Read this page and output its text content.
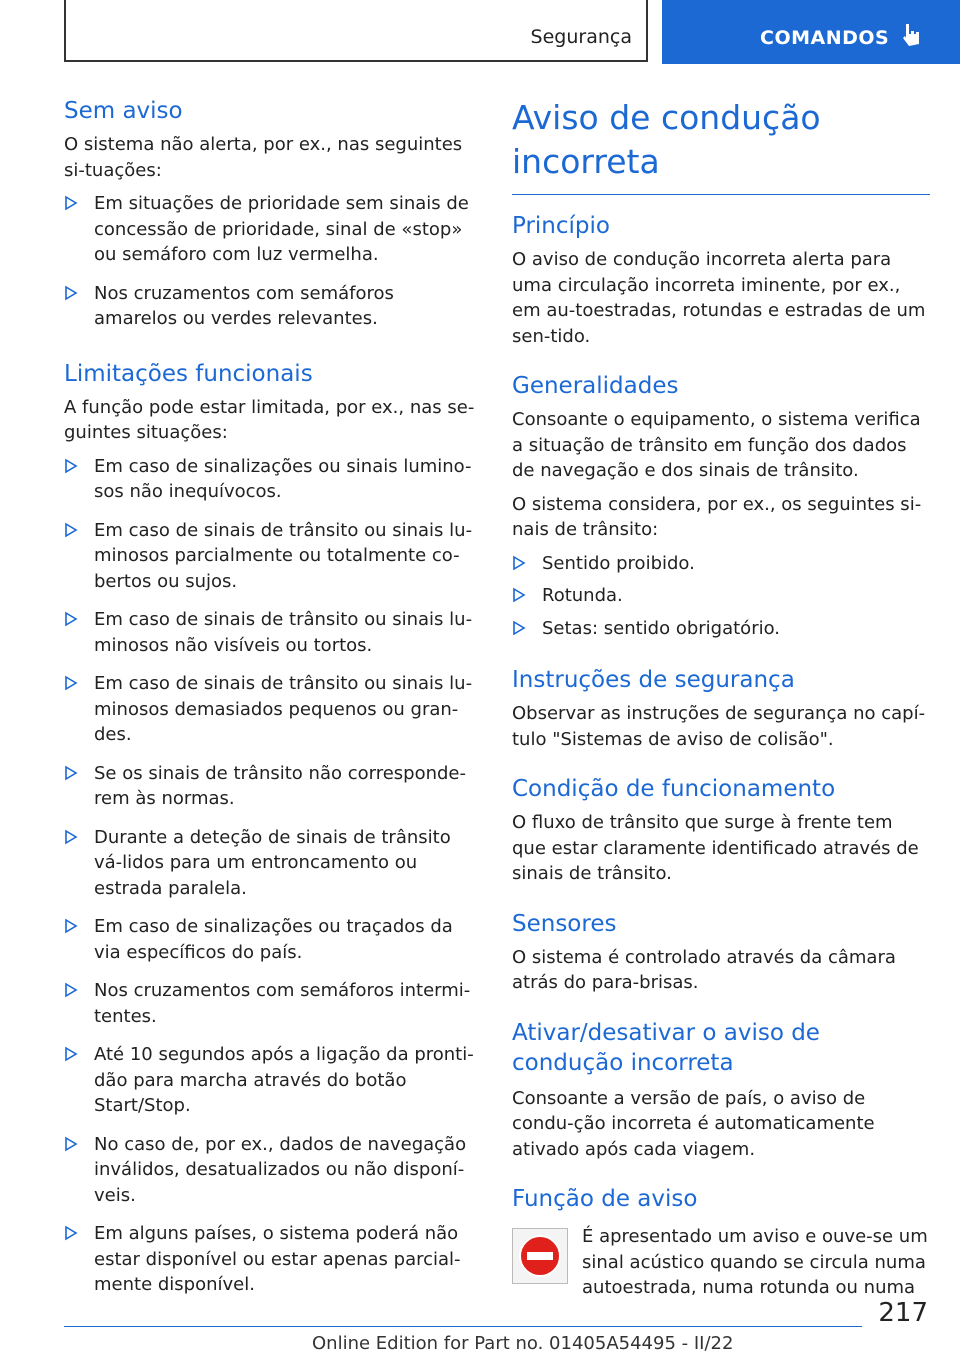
Segurança	COMANDOS
Sem aviso

O sistema não alerta, por ex., nas seguintes si-tuações:

Em situações de prioridade sem sinais de concessão de prioridade, sinal de «stop» ou semáforo com luz vermelha.
Nos cruzamentos com semáforos amarelos ou verdes relevantes.
Limitações funcionais

A função pode estar limitada, por ex., nas se-guintes situações:

Em caso de sinalizações ou sinais lumino-sos não inequívocos.
Em caso de sinais de trânsito ou sinais lu-minosos parcialmente ou totalmente co-bertos ou sujos.
Em caso de sinais de trânsito ou sinais lu-minosos não visíveis ou tortos.
Em caso de sinais de trânsito ou sinais lu-minosos demasiados pequenos ou gran-des.
Se os sinais de trânsito não corresponde-rem às normas.
Durante a deteção de sinais de trânsito vá-lidos para um entroncamento ou estrada paralela.
Em caso de sinalizações ou traçados da via específicos do país.
Nos cruzamentos com semáforos intermi-tentes.
Até 10 segundos após a ligação da pronti-dão para marcha através do botão Start/Stop.
No caso de, por ex., dados de navegação inválidos, desatualizados ou não disponí-veis.
Em alguns países, o sistema poderá não estar disponível ou estar apenas parcial-mente disponível.
Aviso de condução incorreta
Princípio

O aviso de condução incorreta alerta para uma circulação incorreta iminente, por ex., em au-toestradas, rotundas e estradas de um sen-tido.

Generalidades

Consoante o equipamento, o sistema verifica a situação de trânsito em função dos dados de navegação e dos sinais de trânsito.

O sistema considera, por ex., os seguintes si-nais de trânsito:

Sentido proibido.
Rotunda.
Setas: sentido obrigatório.
Instruções de segurança

Observar as instruções de segurança no capí-tulo "Sistemas de aviso de colisão".

Condição de funcionamento

O fluxo de trânsito que surge à frente tem que estar claramente identificado através de sinais de trânsito.

Sensores

O sistema é controlado através da câmara atrás do para-brisas.

Ativar/desativar o aviso de
condução incorreta

Consoante a versão de país, o aviso de condu-ção incorreta é automaticamente ativado após cada viagem.

Função de aviso

É apresentado um aviso e ouve-se um sinal acústico quando se circula numa autoestrada, numa rotunda ou numa

217
Online Edition for Part no. 01405A54495 - II/22
